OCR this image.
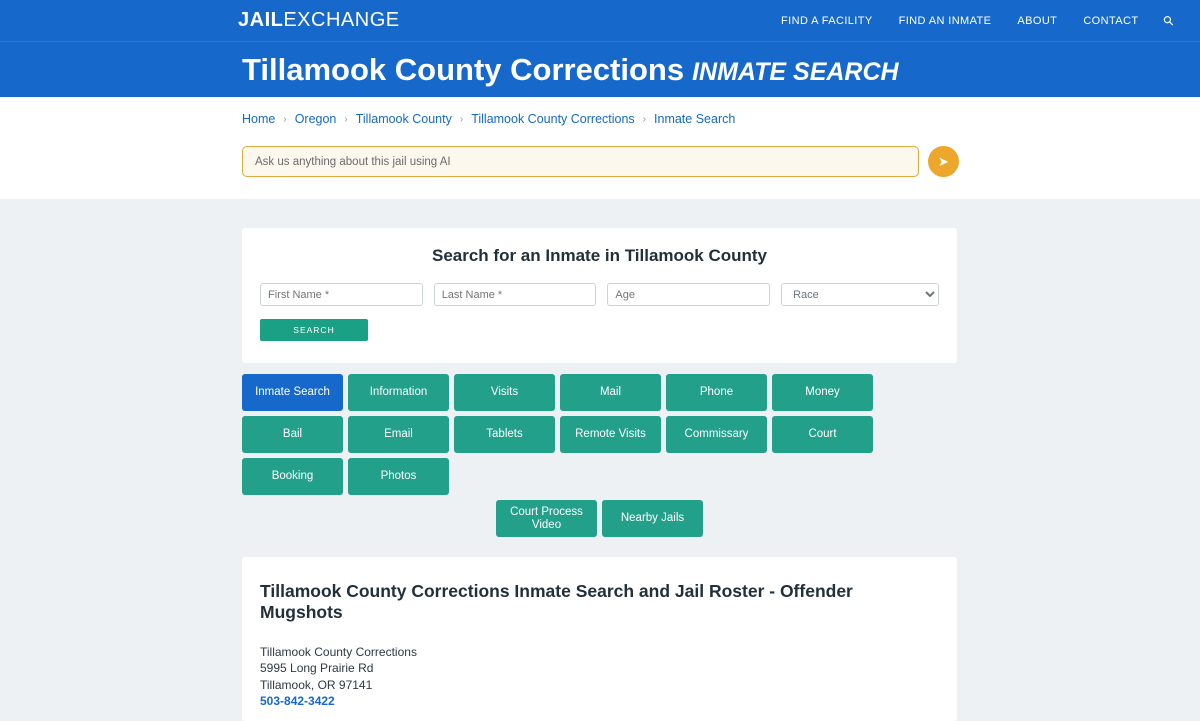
JAILEXCHANGE	FIND A FACILITY FIND AN INMATE ABOUT CONTACT ⚲
Tillamook County Corrections INMATE SEARCH
Home › Oregon › Tillamook County › Tillamook County Corrections › Inmate Search
Ask us anything about this jail using AI
➤
Search for an Inmate in Tillamook County
First Name *
Last Name *
Age
Race
SEARCH
Inmate Search	Information	Visits	Mail	Phone	Money
Bail	Email	Tablets	Remote Visits	Commissary	Court
Booking	Photos
Court Process Video
Nearby Jails
Tillamook County Corrections Inmate Search and Jail Roster - Offender Mugshots
Tillamook County Corrections
5995 Long Prairie Rd
Tillamook, OR 97141
503-842-3422
